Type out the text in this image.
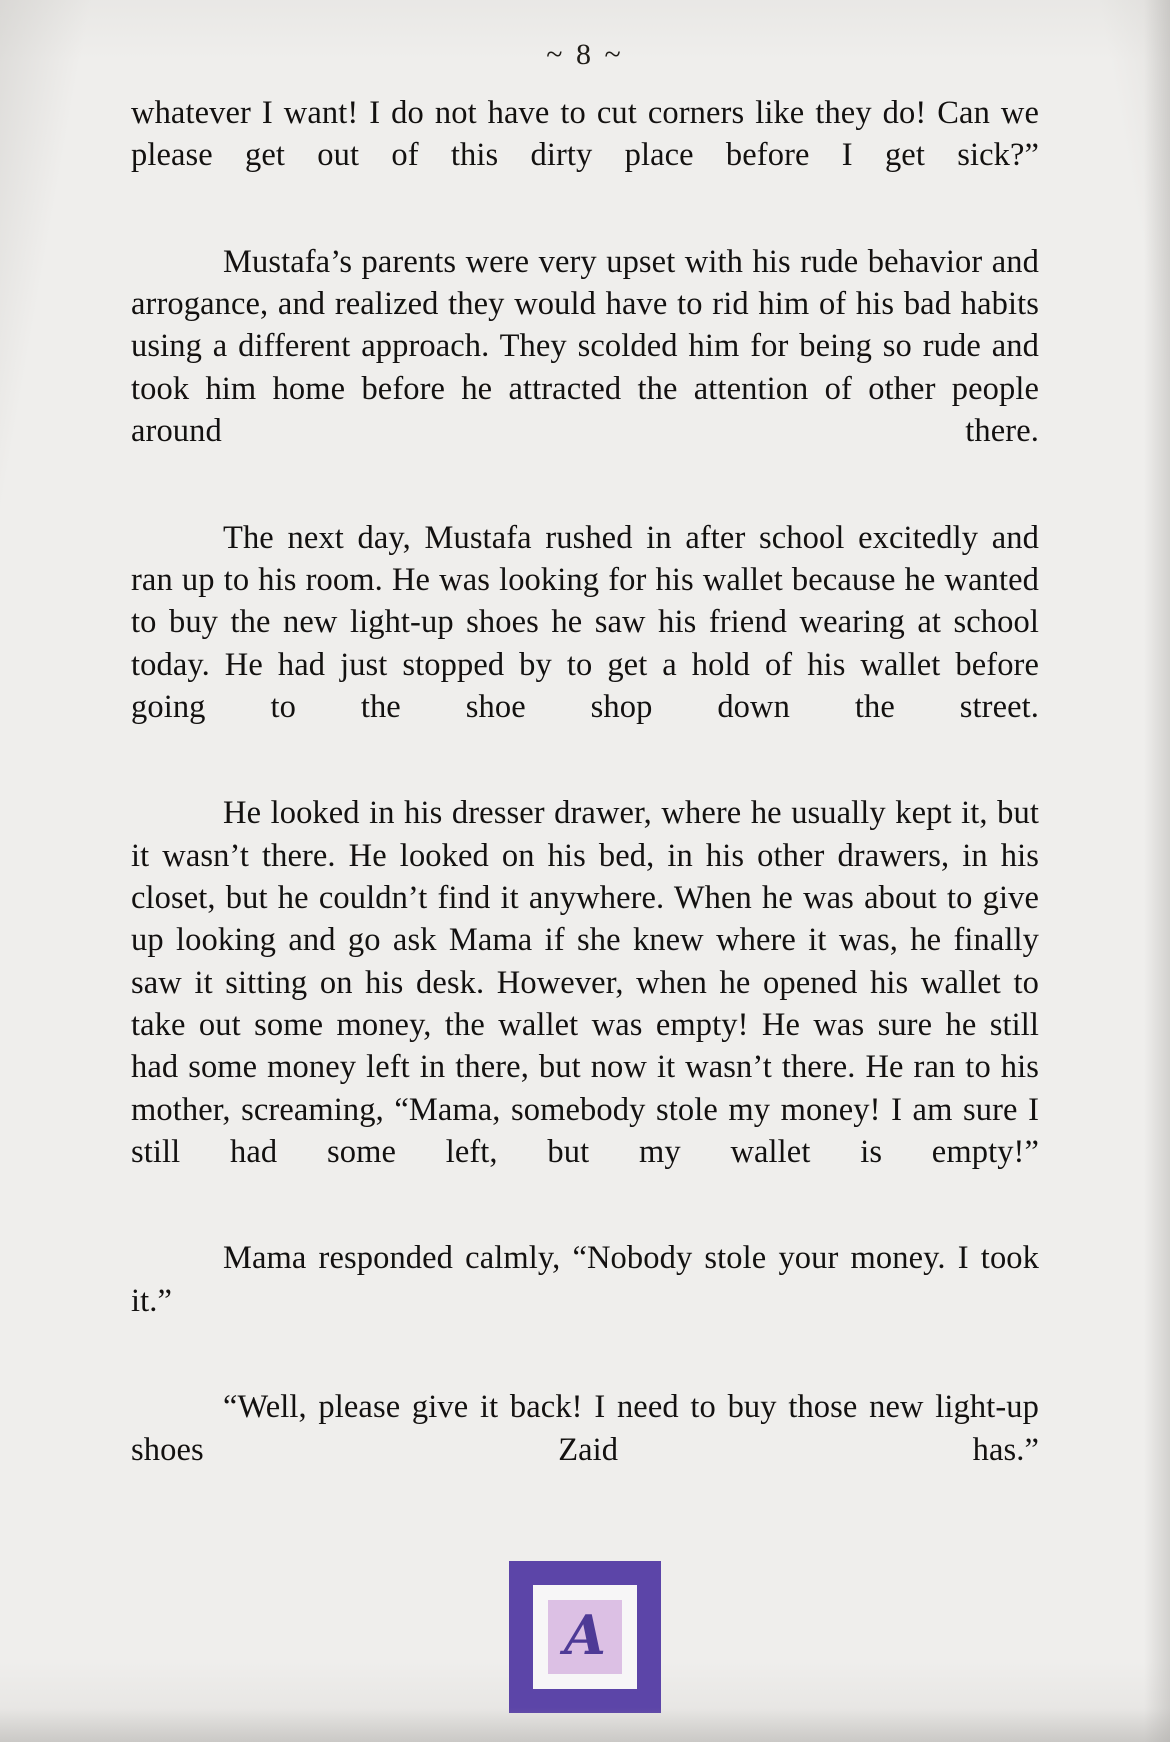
~ 8 ~

whatever I want! I do not have to cut corners like they do! Can we please get out of this dirty place before I get sick?”

Mustafa’s parents were very upset with his rude behavior and arrogance, and realized they would have to rid him of his bad habits using a different approach. They scolded him for being so rude and took him home before he attracted the attention of other people around there.

The next day, Mustafa rushed in after school excitedly and ran up to his room. He was looking for his wallet because he wanted to buy the new light-up shoes he saw his friend wearing at school today. He had just stopped by to get a hold of his wallet before going to the shoe shop down the street.

He looked in his dresser drawer, where he usually kept it, but it wasn’t there. He looked on his bed, in his other drawers, in his closet, but he couldn’t find it anywhere. When he was about to give up looking and go ask Mama if she knew where it was, he finally saw it sitting on his desk. However, when he opened his wallet to take out some money, the wallet was empty! He was sure he still had some money left in there, but now it wasn’t there. He ran to his mother, screaming, “Mama, somebody stole my money! I am sure I still had some left, but my wallet is empty!”

Mama responded calmly, “Nobody stole your money. I took it.”

“Well, please give it back! I need to buy those new light-up shoes Zaid has.”

A
